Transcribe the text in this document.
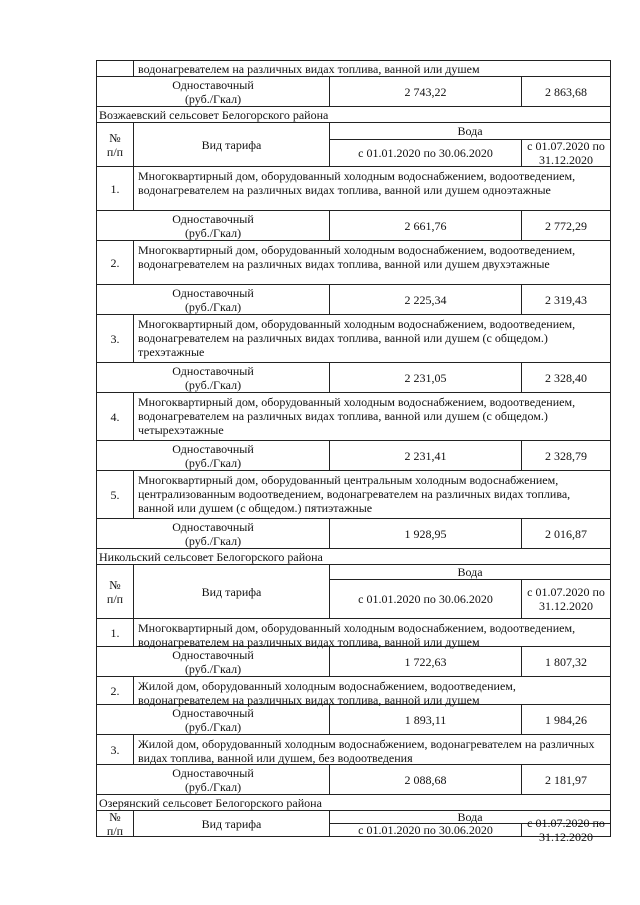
водонагревателем на различных видах топлива, ванной или душем
Одноставочный
(руб./Гкал)	2 743,22	2 863,68
Возжаевский сельсовет Белогорского района
№
п/п	Вид тарифа
Вода
с 01.01.2020 по 30.06.2020	с 01.07.2020 по 31.12.2020
1.
Многоквартирный дом, оборудованный холодным водоснабжением, водоотведением, водонагревателем на различных видах топлива, ванной или душем одноэтажные
Одноставочный
(руб./Гкал)	2 661,76	2 772,29
2.
Многоквартирный дом, оборудованный холодным водоснабжением, водоотведением, водонагревателем на различных видах топлива, ванной или душем двухэтажные
Одноставочный
(руб./Гкал)	2 225,34	2 319,43
3.
Многоквартирный дом, оборудованный холодным водоснабжением, водоотведением, водонагревателем на различных видах топлива, ванной или душем (с общедом.) трехэтажные
Одноставочный
(руб./Гкал)	2 231,05	2 328,40
4.
Многоквартирный дом, оборудованный холодным водоснабжением, водоотведением, водонагревателем на различных видах топлива, ванной или душем (с общедом.) четырехэтажные
Одноставочный
(руб./Гкал)	2 231,41	2 328,79
5.
Многоквартирный дом, оборудованный центральным холодным водоснабжением, централизованным водоотведением, водонагревателем на различных видах топлива, ванной или душем (с общедом.) пятиэтажные
Одноставочный
(руб./Гкал)	1 928,95	2 016,87
Никольский сельсовет Белогорского района
№
п/п	Вид тарифа
Вода
с 01.01.2020 по 30.06.2020	с 01.07.2020 по 31.12.2020
1.	Многоквартирный дом, оборудованный холодным водоснабжением, водоотведением, водонагревателем на различных видах топлива, ванной или душем
Одноставочный
(руб./Гкал)	1 722,63	1 807,32
2.	Жилой дом, оборудованный холодным водоснабжением, водоотведением, водонагревателем на различных видах топлива, ванной или душем
Одноставочный
(руб./Гкал)	1 893,11	1 984,26
3.	Жилой дом, оборудованный холодным водоснабжением, водонагревателем на различных видах топлива, ванной или душем, без водоотведения
Одноставочный
(руб./Гкал)	2 088,68	2 181,97
Озерянский сельсовет Белогорского района
№
п/п	Вид тарифа	Вода
с 01.01.2020 по 30.06.2020	с 01.07.2020 по 31.12.2020
